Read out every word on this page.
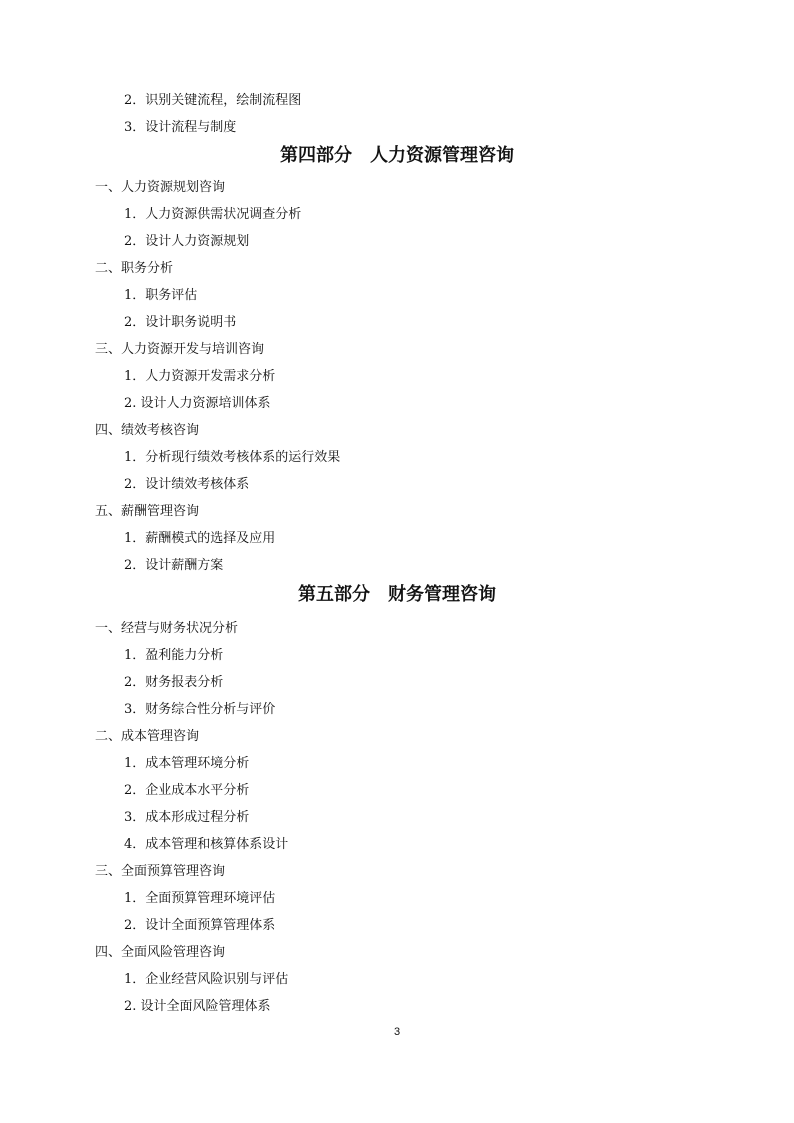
2．识别关键流程，绘制流程图
3．设计流程与制度
第四部分　人力资源管理咨询
一、人力资源规划咨询
1．人力资源供需状况调查分析
2．设计人力资源规划
二、职务分析
1．职务评估
2．设计职务说明书
三、人力资源开发与培训咨询
1．人力资源开发需求分析
2. 设计人力资源培训体系
四、绩效考核咨询
1．分析现行绩效考核体系的运行效果
2．设计绩效考核体系
五、薪酬管理咨询
1．薪酬模式的选择及应用
2．设计薪酬方案
第五部分　财务管理咨询
一、经营与财务状况分析
1．盈利能力分析
2．财务报表分析
3．财务综合性分析与评价
二、成本管理咨询
1．成本管理环境分析
2．企业成本水平分析
3．成本形成过程分析
4．成本管理和核算体系设计
三、全面预算管理咨询
1．全面预算管理环境评估
2．设计全面预算管理体系
四、全面风险管理咨询
1．企业经营风险识别与评估
2. 设计全面风险管理体系
3
